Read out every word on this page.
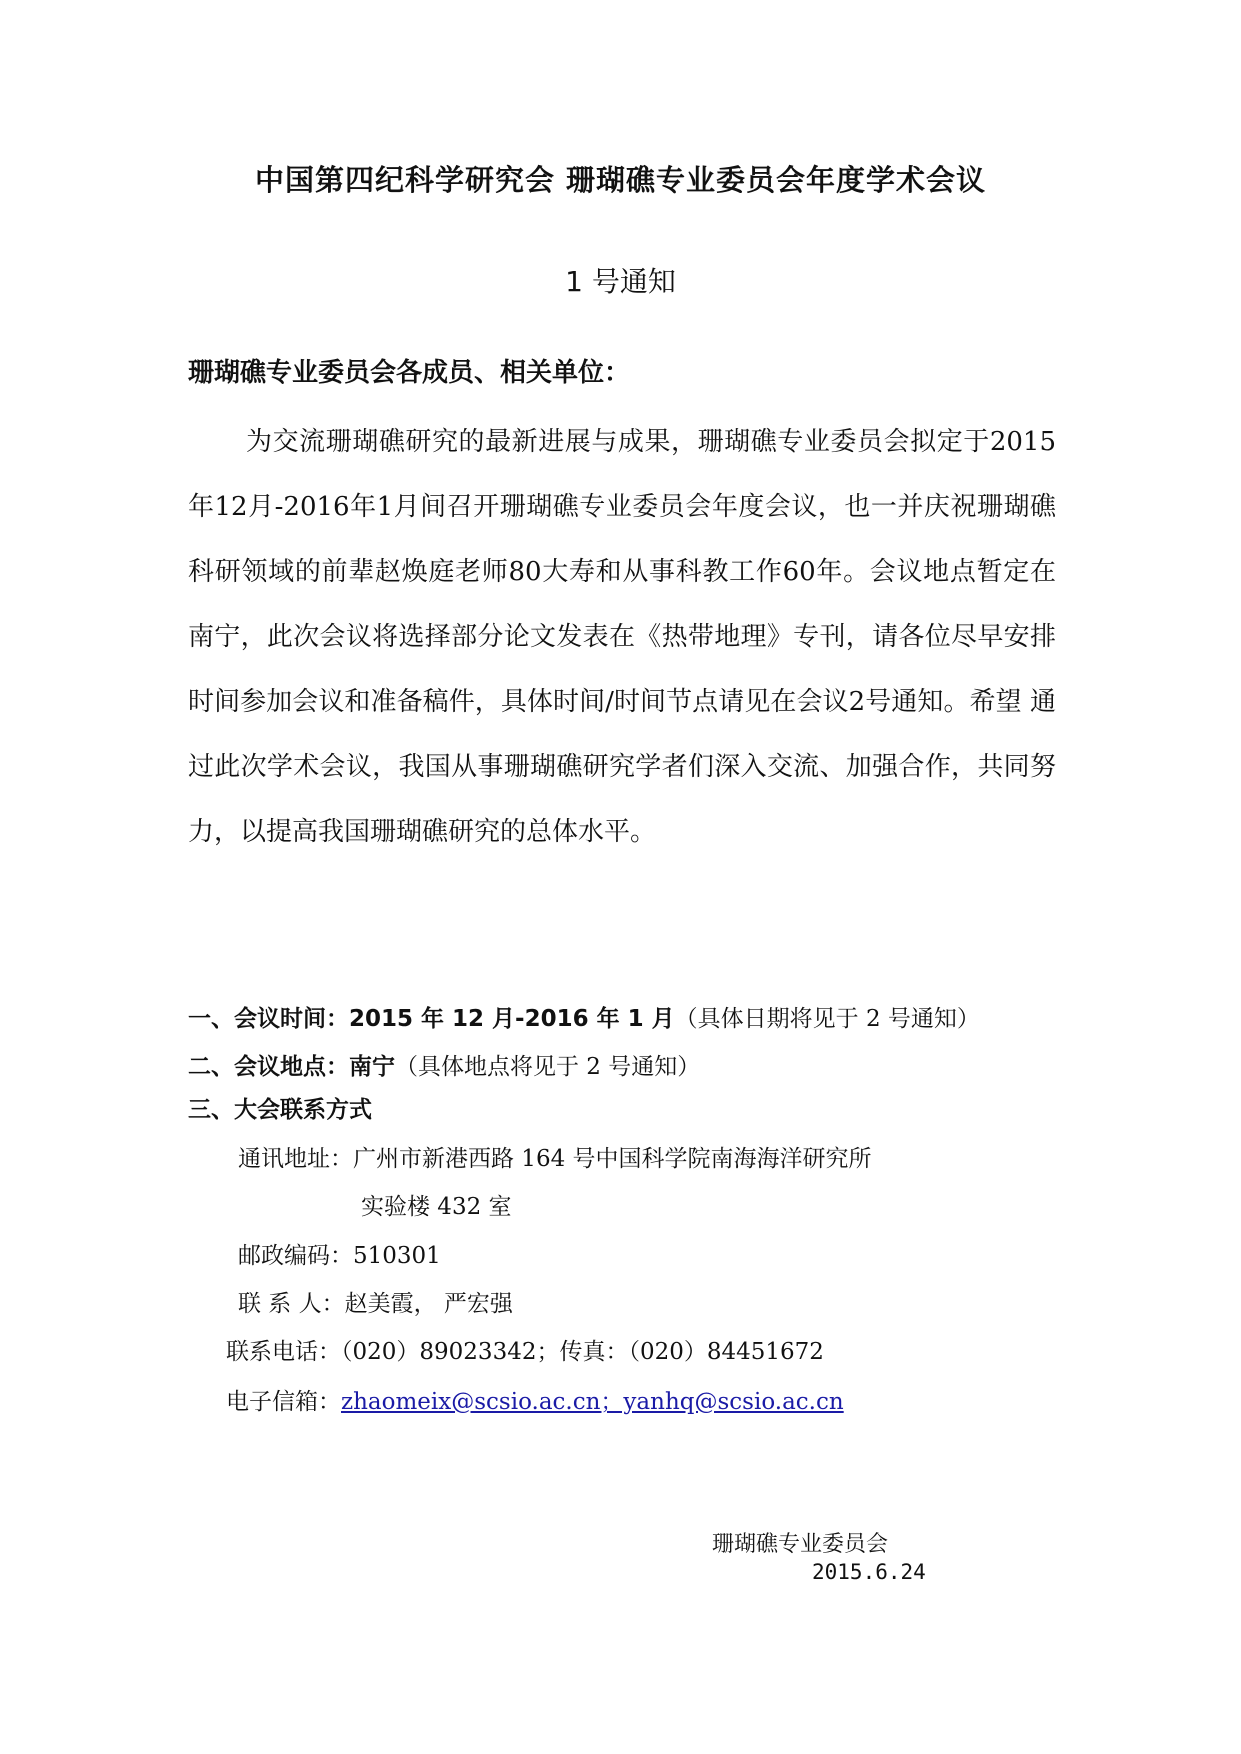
中国第四纪科学研究会 珊瑚礁专业委员会年度学术会议
1 号通知
珊瑚礁专业委员会各成员、相关单位：

为交流珊瑚礁研究的最新进展与成果，珊瑚礁专业委员会拟定于2015年12月-2016年1月间召开珊瑚礁专业委员会年度会议，也一并庆祝珊瑚礁科研领域的前辈赵焕庭老师80大寿和从事科教工作60年。会议地点暂定在南宁，此次会议将选择部分论文发表在《热带地理》专刊，请各位尽早安排时间参加会议和准备稿件，具体时间/时间节点请见在会议2号通知。希望 通过此次学术会议，我国从事珊瑚礁研究学者们深入交流、加强合作，共同努力，以提高我国珊瑚礁研究的总体水平。

一、会议时间：2015 年 12 月-2016 年 1 月（具体日期将见于 2 号通知）
二、会议地点：南宁（具体地点将见于 2 号通知）
三、大会联系方式
通讯地址：广州市新港西路 164 号中国科学院南海海洋研究所
实验楼 432 室
邮政编码：510301
联 系 人：赵美霞， 严宏强
联系电话：（020）89023342；传真：（020）84451672
电子信箱：zhaomeix@scsio.ac.cn；yanhq@scsio.ac.cn
珊瑚礁专业委员会
2015.6.24
